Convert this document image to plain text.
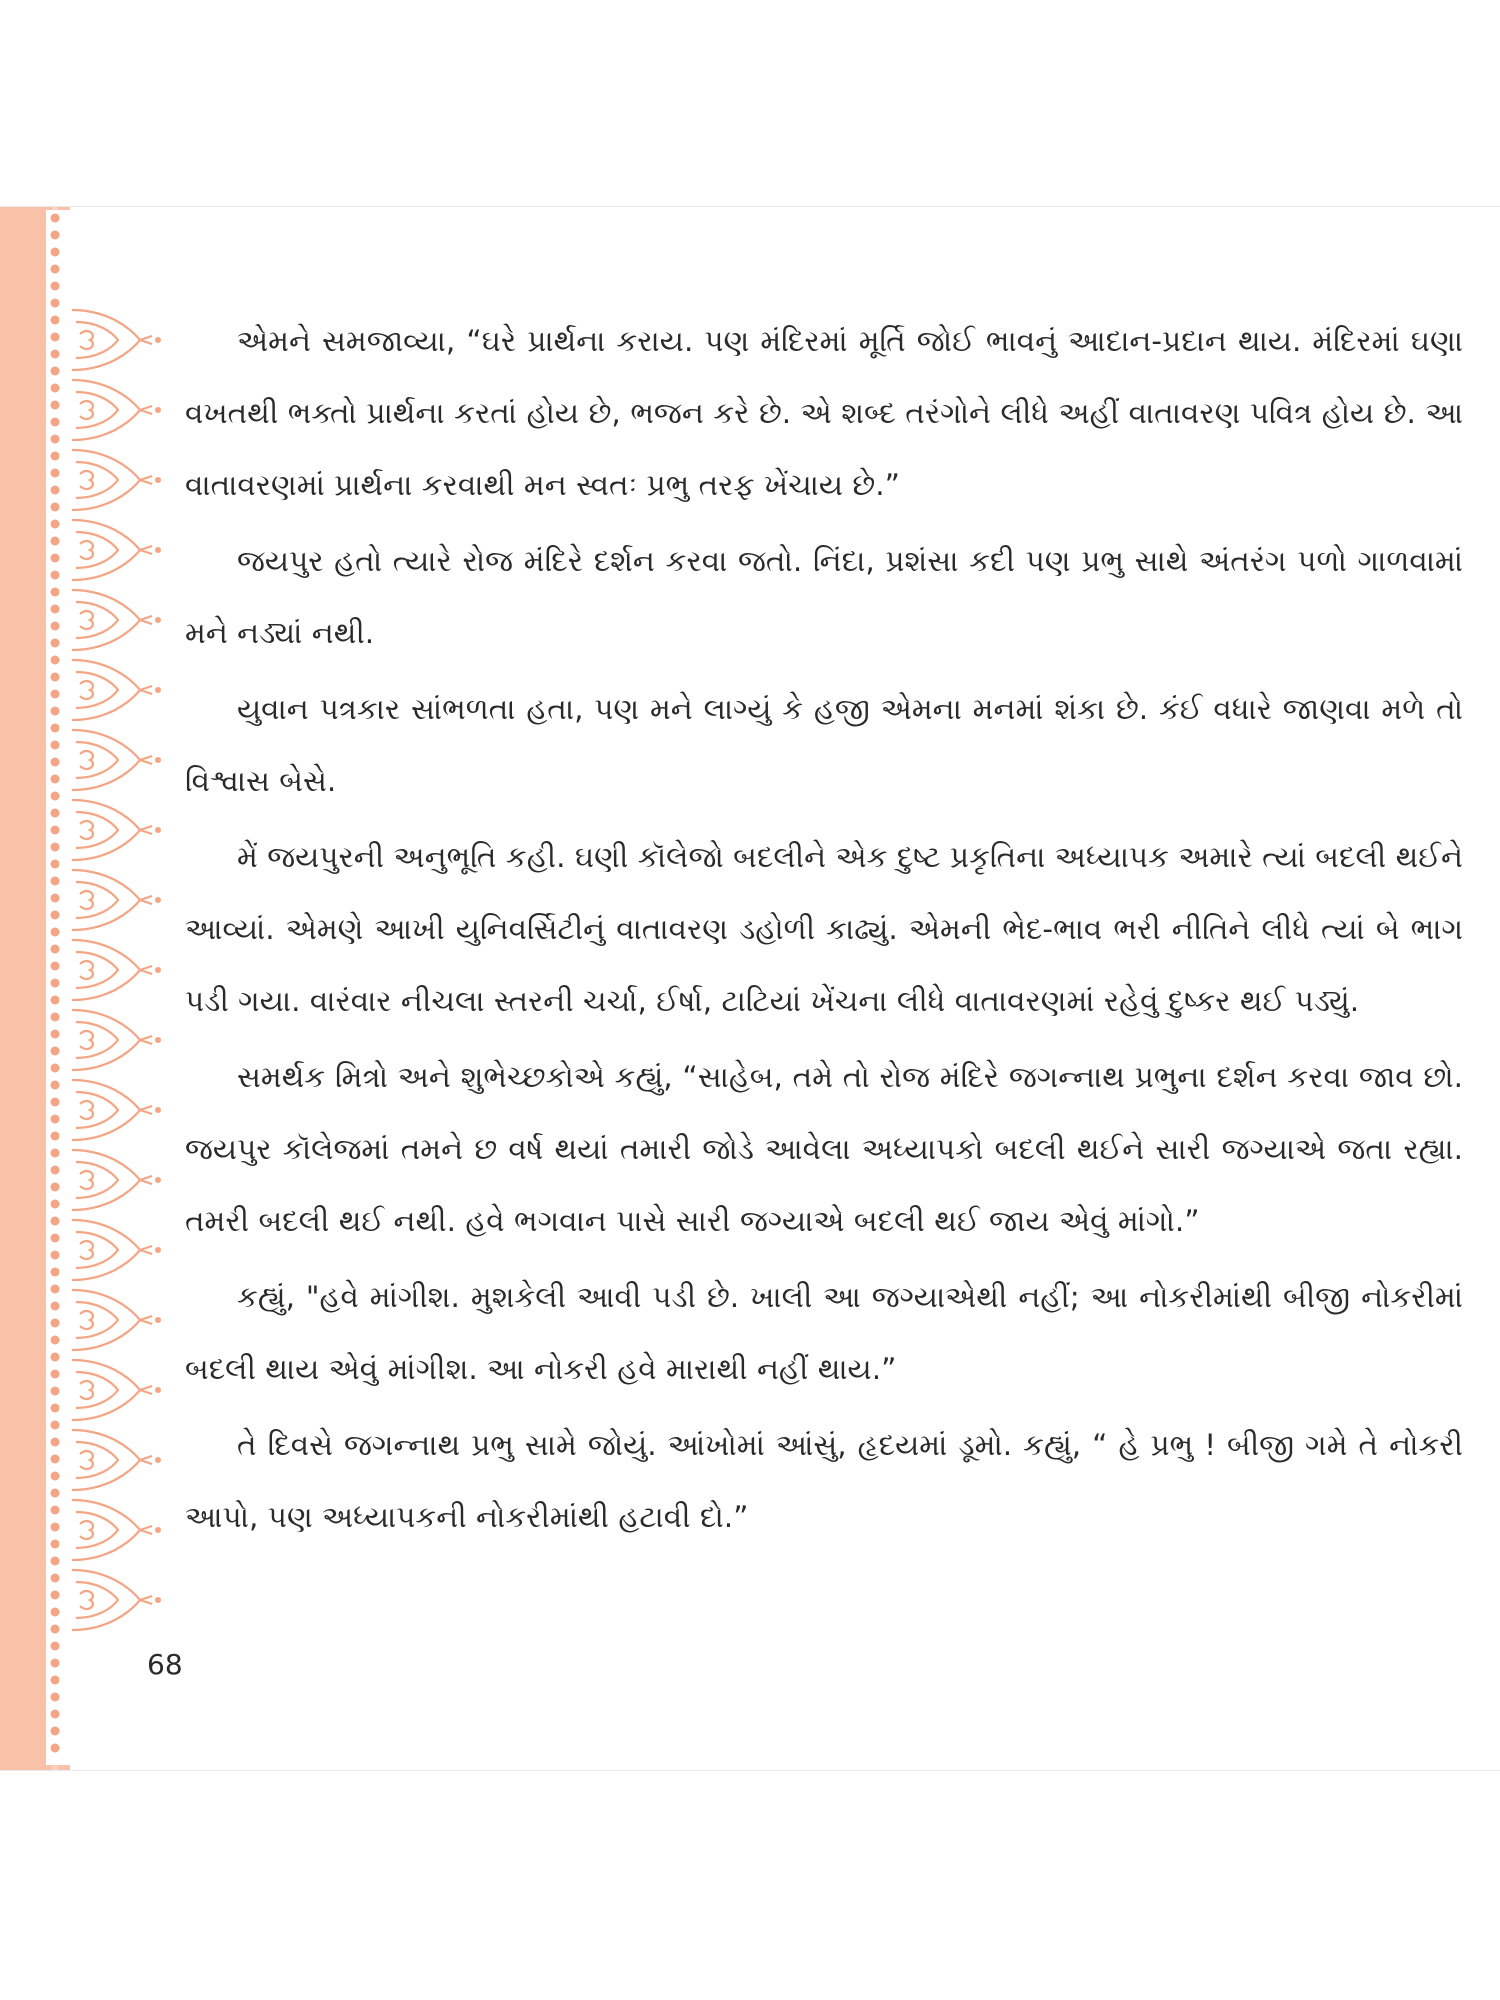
એમને સમજાવ્યા, “ઘરે પ્રાર્થના કરાય. પણ મંદિરમાં મૂર્તિ જોઈ ભાવનું આદાન-પ્રદાન થાય. મંદિરમાં ઘણા વખતથી ભક્તો પ્રાર્થના કરતાં હોય છે, ભજન કરે છે. એ શબ્દ તરંગોને લીધે અહીં વાતાવરણ પવિત્ર હોય છે. આ વાતાવરણમાં પ્રાર્થના કરવાથી મન સ્વતઃ પ્રભુ તરફ ખેંચાય છે.”

જયપુર હતો ત્યારે રોજ મંદિરે દર્શન કરવા જતો. નિંદા, પ્રશંસા કદી પણ પ્રભુ સાથે અંતરંગ પળો ગાળવામાં મને નડ્યાં નથી.

યુવાન પત્રકાર સાંભળતા હતા, પણ મને લાગ્યું કે હજી એમના મનમાં શંકા છે. કંઈ વધારે જાણવા મળે તો વિશ્વાસ બેસે.

મેં જયપુરની અનુભૂતિ કહી. ઘણી કૉલેજો બદલીને એક દુષ્ટ પ્રકૃતિના અધ્યાપક અમારે ત્યાં બદલી થઈને આવ્યાં. એમણે આખી યુનિવર્સિટીનું વાતાવરણ ડહોળી કાઢ્યું. એમની ભેદ-ભાવ ભરી નીતિને લીધે ત્યાં બે ભાગ પડી ગયા. વારંવાર નીચલા સ્તરની ચર્ચા, ઈર્ષા, ટાટિયાં ખેંચના લીધે વાતાવરણમાં રહેવું દુષ્કર થઈ પડ્યું.

સમર્થક મિત્રો અને શુભેચ્છકોએ કહ્યું, “સાહેબ, તમે તો રોજ મંદિરે જગન્નાથ પ્રભુના દર્શન કરવા જાવ છો. જયપુર કૉલેજમાં તમને છ વર્ષ થયાં તમારી જોડે આવેલા અધ્યાપકો બદલી થઈને સારી જગ્યાએ જતા રહ્યા. તમરી બદલી થઈ નથી. હવે ભગવાન પાસે સારી જગ્યાએ બદલી થઈ જાય એવું માંગો.”

કહ્યું, "હવે માંગીશ. મુશકેલી આવી પડી છે. ખાલી આ જગ્યાએથી નહીં; આ નોકરીમાંથી બીજી નોકરીમાં બદલી થાય એવું માંગીશ. આ નોકરી હવે મારાથી નહીં થાય.”

તે દિવસે જગન્નાથ પ્રભુ સામે જોયું. આંખોમાં આંસું, હૃદયમાં ડૂમો. કહ્યું, “ હે પ્રભુ ! બીજી ગમે તે નોકરી આપો, પણ અધ્યાપકની નોકરીમાંથી હટાવી દો.”

68
